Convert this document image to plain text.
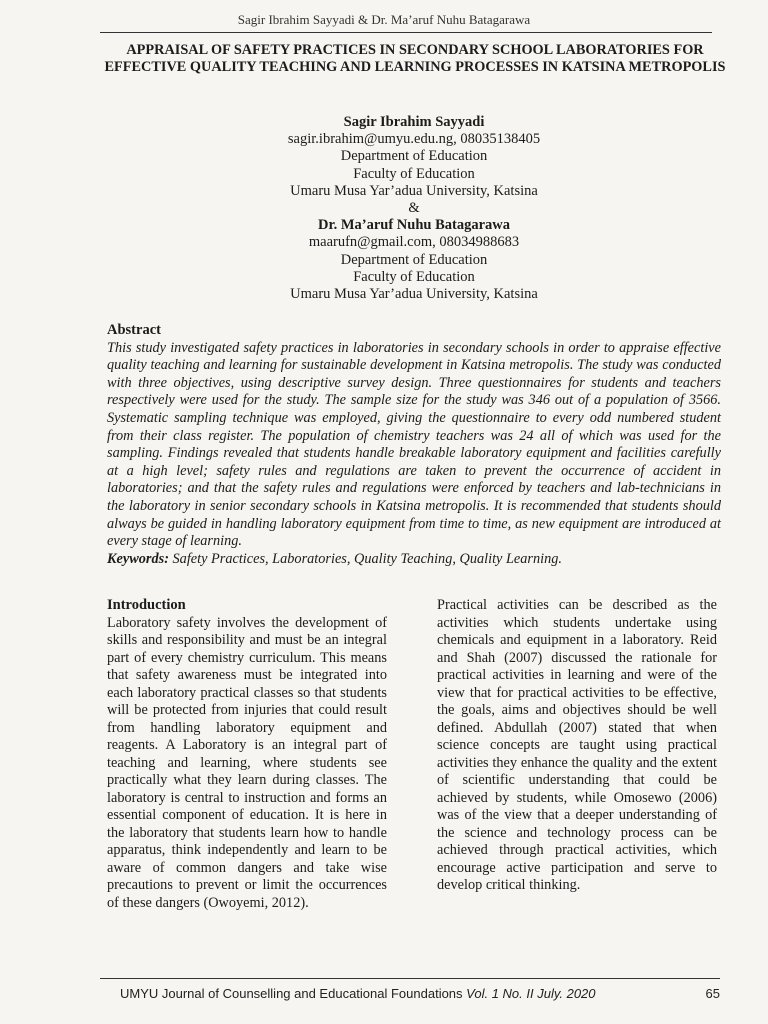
Sagir Ibrahim Sayyadi & Dr. Ma’aruf Nuhu Batagarawa
APPRAISAL OF SAFETY PRACTICES IN SECONDARY SCHOOL LABORATORIES FOR EFFECTIVE QUALITY TEACHING AND LEARNING PROCESSES IN KATSINA METROPOLIS
Sagir Ibrahim Sayyadi
sagir.ibrahim@umyu.edu.ng, 08035138405
Department of Education
Faculty of Education
Umaru Musa Yar’adua University, Katsina
&
Dr. Ma’aruf Nuhu Batagarawa
maarufn@gmail.com, 08034988683
Department of Education
Faculty of Education
Umaru Musa Yar’adua University, Katsina
Abstract

This study investigated safety practices in laboratories in secondary schools in order to appraise effective quality teaching and learning for sustainable development in Katsina metropolis. The study was conducted with three objectives, using descriptive survey design. Three questionnaires for students and teachers respectively were used for the study. The sample size for the study was 346 out of a population of 3566. Systematic sampling technique was employed, giving the questionnaire to every odd numbered student from their class register. The population of chemistry teachers was 24 all of which was used for the sampling. Findings revealed that students handle breakable laboratory equipment and facilities carefully at a high level; safety rules and regulations are taken to prevent the occurrence of accident in laboratories; and that the safety rules and regulations were enforced by teachers and lab-technicians in the laboratory in senior secondary schools in Katsina metropolis. It is recommended that students should always be guided in handling laboratory equipment from time to time, as new equipment are introduced at every stage of learning.

Keywords: Safety Practices, Laboratories, Quality Teaching, Quality Learning.

Introduction

Laboratory safety involves the development of skills and responsibility and must be an integral part of every chemistry curriculum. This means that safety awareness must be integrated into each laboratory practical classes so that students will be protected from injuries that could result from handling laboratory equipment and reagents. A Laboratory is an integral part of teaching and learning, where students see practically what they learn during classes. The laboratory is central to instruction and forms an essential component of education. It is here in the laboratory that students learn how to handle apparatus, think independently and learn to be aware of common dangers and take wise precautions to prevent or limit the occurrences of these dangers (Owoyemi, 2012).

Practical activities can be described as the activities which students undertake using chemicals and equipment in a laboratory. Reid and Shah (2007) discussed the rationale for practical activities in learning and were of the view that for practical activities to be effective, the goals, aims and objectives should be well defined. Abdullah (2007) stated that when science concepts are taught using practical activities they enhance the quality and the extent of scientific understanding that could be achieved by students, while Omosewo (2006) was of the view that a deeper understanding of the science and technology process can be achieved through practical activities, which encourage active participation and serve to develop critical thinking.

UMYU Journal of Counselling and Educational Foundations Vol. 1 No. II July. 2020	65
